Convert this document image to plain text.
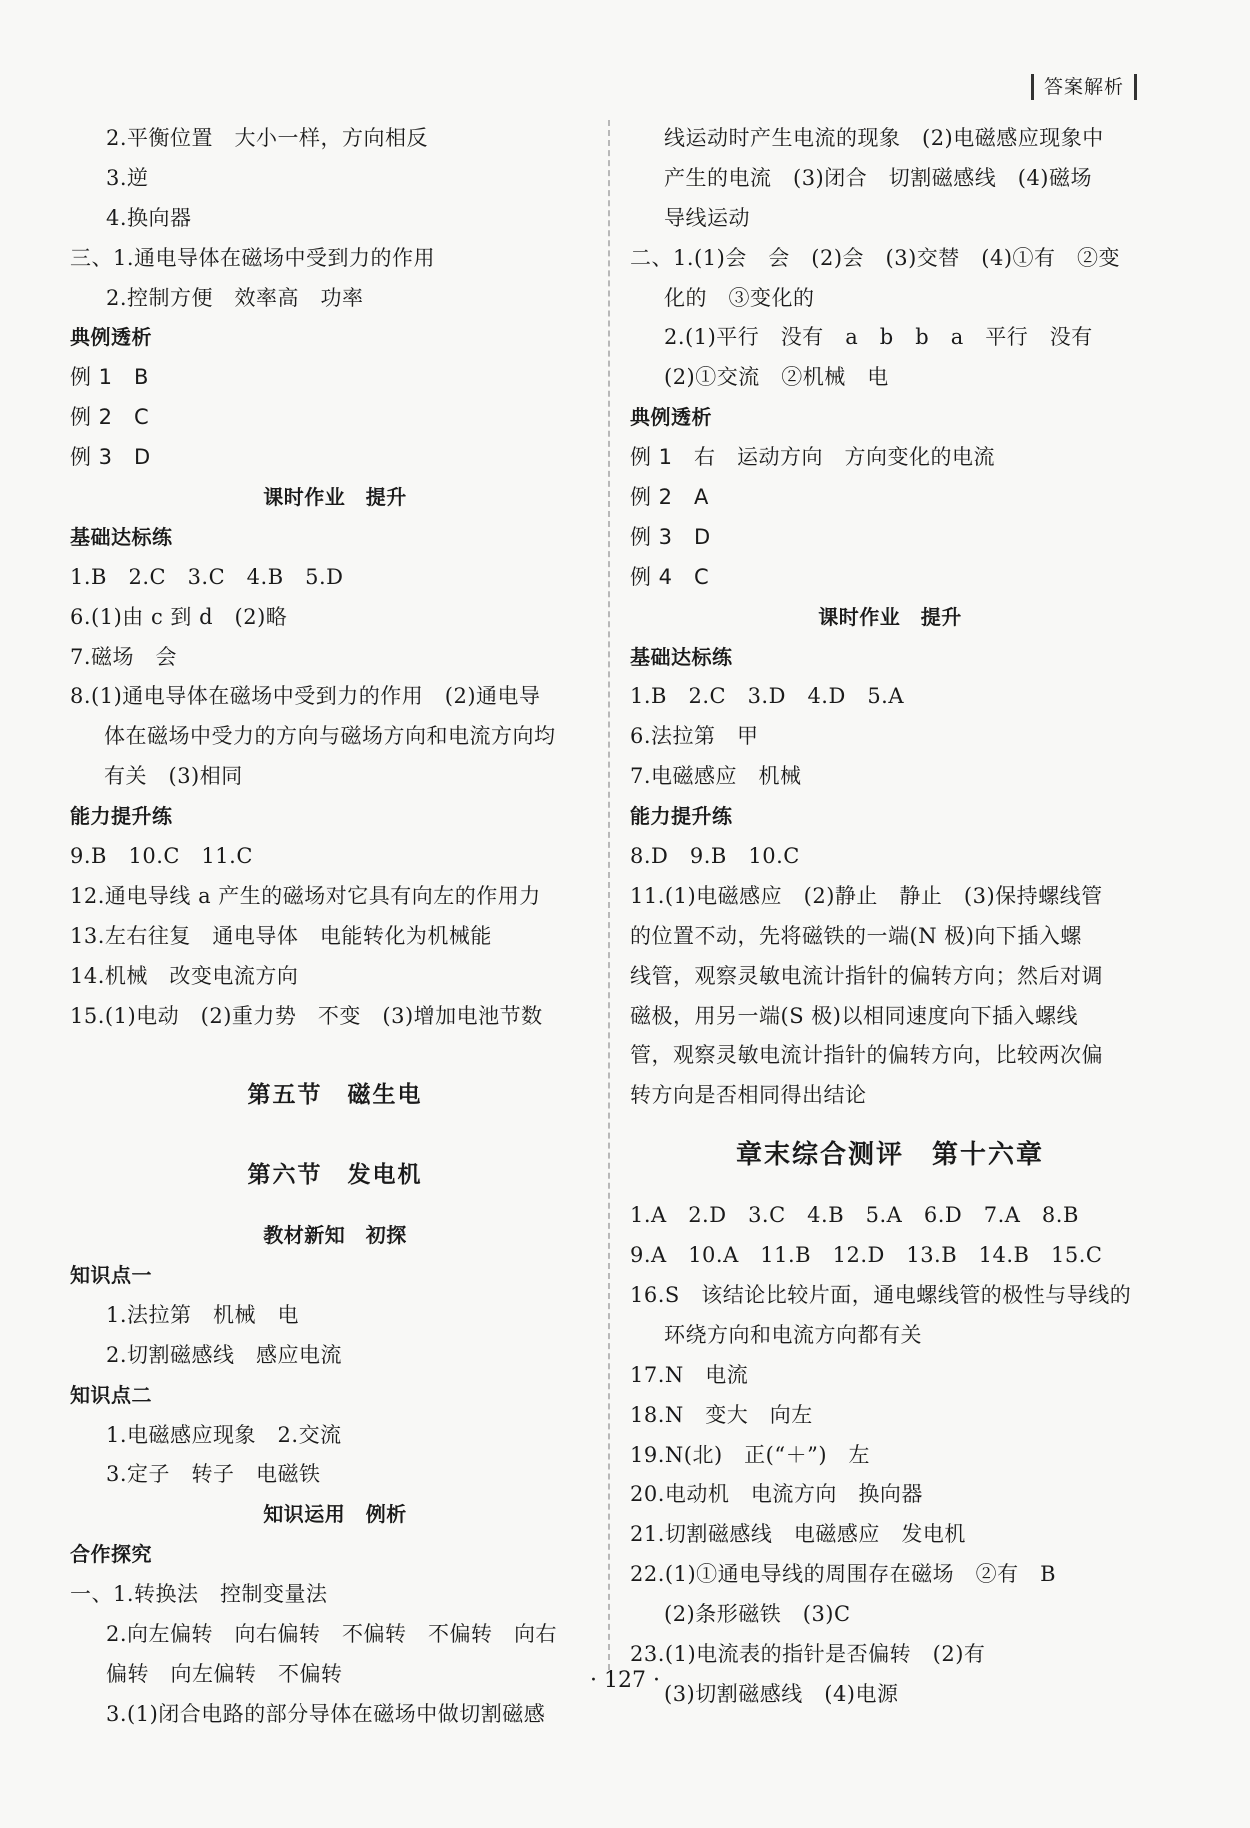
答案解析
2.平衡位置　大小一样，方向相反
3.逆
4.换向器
三、1.通电导体在磁场中受到力的作用
2.控制方便　效率高　功率
典例透析
例 1　B
例 2　C
例 3　D
课时作业　提升
基础达标练
1.B　2.C　3.C　4.B　5.D
6.(1)由 c 到 d　(2)略
7.磁场　会
8.(1)通电导体在磁场中受到力的作用　(2)通电导
体在磁场中受力的方向与磁场方向和电流方向均
有关　(3)相同
能力提升练
9.B　10.C　11.C
12.通电导线 a 产生的磁场对它具有向左的作用力
13.左右往复　通电导体　电能转化为机械能
14.机械　改变电流方向
15.(1)电动　(2)重力势　不变　(3)增加电池节数
第五节　磁生电
第六节　发电机
教材新知　初探
知识点一
1.法拉第　机械　电
2.切割磁感线　感应电流
知识点二
1.电磁感应现象　2.交流
3.定子　转子　电磁铁
知识运用　例析
合作探究
一、1.转换法　控制变量法
2.向左偏转　向右偏转　不偏转　不偏转　向右
偏转　向左偏转　不偏转
3.(1)闭合电路的部分导体在磁场中做切割磁感
线运动时产生电流的现象　(2)电磁感应现象中
产生的电流　(3)闭合　切割磁感线　(4)磁场
导线运动
二、1.(1)会　会　(2)会　(3)交替　(4)①有　②变
化的　③变化的
2.(1)平行　没有　a　b　b　a　平行　没有
(2)①交流　②机械　电
典例透析
例 1　右　运动方向　方向变化的电流
例 2　A
例 3　D
例 4　C
课时作业　提升
基础达标练
1.B　2.C　3.D　4.D　5.A
6.法拉第　甲
7.电磁感应　机械
能力提升练
8.D　9.B　10.C
11.(1)电磁感应　(2)静止　静止　(3)保持螺线管
的位置不动，先将磁铁的一端(N 极)向下插入螺
线管，观察灵敏电流计指针的偏转方向；然后对调
磁极，用另一端(S 极)以相同速度向下插入螺线
管，观察灵敏电流计指针的偏转方向，比较两次偏
转方向是否相同得出结论
章末综合测评　第十六章
1.A　2.D　3.C　4.B　5.A　6.D　7.A　8.B
9.A　10.A　11.B　12.D　13.B　14.B　15.C
16.S　该结论比较片面，通电螺线管的极性与导线的
环绕方向和电流方向都有关
17.N　电流
18.N　变大　向左
19.N(北)　正(“＋”)　左
20.电动机　电流方向　换向器
21.切割磁感线　电磁感应　发电机
22.(1)①通电导线的周围存在磁场　②有　B
(2)条形磁铁　(3)C
23.(1)电流表的指针是否偏转　(2)有
(3)切割磁感线　(4)电源
· 127 ·
